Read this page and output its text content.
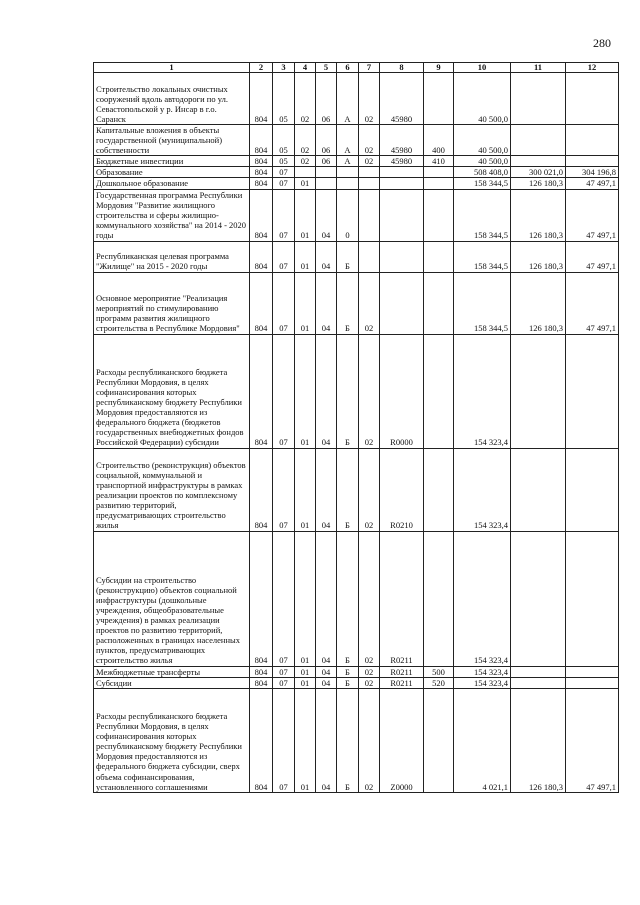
280
1	2	3	4	5	6	7	8	9	10	11	12
Строительство локальных очистных сооружений вдоль автодороги по ул. Севастопольской у р. Инсар в г.о. Саранск	804	05	02	06	А	02	45980		40 500,0		
Капитальные вложения в объекты государственной (муниципальной) собственности	804	05	02	06	А	02	45980	400	40 500,0		
Бюджетные инвестиции	804	05	02	06	А	02	45980	410	40 500,0		
Образование	804	07							508 408,0	300 021,0	304 196,8
Дошкольное образование	804	07	01						158 344,5	126 180,3	47 497,1
Государственная программа Республики Мордовия "Развитие жилищного строительства и сферы жилищно-коммунального хозяйства" на 2014 - 2020 годы	804	07	01	04	0				158 344,5	126 180,3	47 497,1
Республиканская целевая программа "Жилище" на 2015 - 2020 годы	804	07	01	04	Б				158 344,5	126 180,3	47 497,1
Основное мероприятие "Реализация мероприятий по стимулированию программ развития жилищного строительства в Республике Мордовия"	804	07	01	04	Б	02			158 344,5	126 180,3	47 497,1
Расходы республиканского бюджета Республики Мордовия, в целях софинансирования которых республиканскому бюджету Республики Мордовия предоставляются из федерального бюджета (бюджетов государственных внебюджетных фондов Российской Федерации) субсидии	804	07	01	04	Б	02	R0000		154 323,4		
Строительство (реконструкция) объектов социальной, коммунальной и транспортной инфраструктуры в рамках реализации проектов по комплексному развитию территорий, предусматривающих строительство жилья	804	07	01	04	Б	02	R0210		154 323,4		
Субсидии на строительство (реконструкцию) объектов социальной инфраструктуры (дошкольные учреждения, общеобразовательные учреждения) в рамках реализации проектов по развитию территорий, расположенных в границах населенных пунктов, предусматривающих строительство жилья	804	07	01	04	Б	02	R0211		154 323,4		
Межбюджетные трансферты	804	07	01	04	Б	02	R0211	500	154 323,4		
Субсидии	804	07	01	04	Б	02	R0211	520	154 323,4		
Расходы республиканского бюджета Республики Мордовия, в целях софинансирования которых республиканскому бюджету Республики Мордовия предоставляются из федерального бюджета субсидии, сверх объема софинансирования, установленного соглашениями	804	07	01	04	Б	02	Z0000		4 021,1	126 180,3	47 497,1
